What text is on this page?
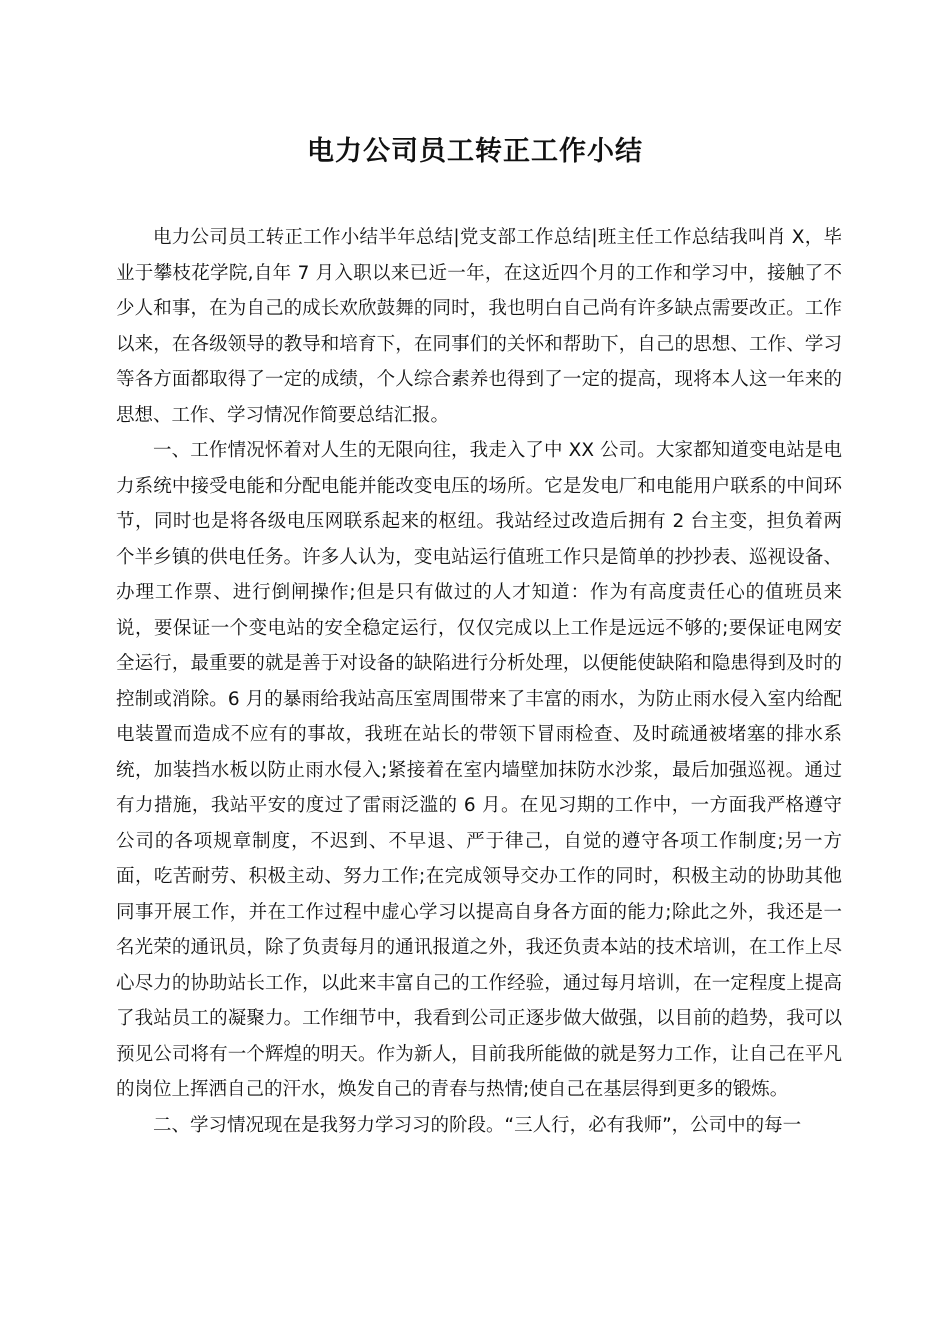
电力公司员工转正工作小结

电力公司员工转正工作小结半年总结|党支部工作总结|班主任工作总结我叫肖 X，毕业于攀枝花学院,自年 7 月入职以来已近一年，在这近四个月的工作和学习中，接触了不少人和事，在为自己的成长欢欣鼓舞的同时，我也明白自己尚有许多缺点需要改正。工作以来，在各级领导的教导和培育下，在同事们的关怀和帮助下，自己的思想、工作、学习等各方面都取得了一定的成绩，个人综合素养也得到了一定的提高，现将本人这一年来的思想、工作、学习情况作简要总结汇报。

一、工作情况怀着对人生的无限向往，我走入了中 XX 公司。大家都知道变电站是电力系统中接受电能和分配电能并能改变电压的场所。它是发电厂和电能用户联系的中间环节，同时也是将各级电压网联系起来的枢纽。我站经过改造后拥有 2 台主变，担负着两个半乡镇的供电任务。许多人认为，变电站运行值班工作只是简单的抄抄表、巡视设备、办理工作票、进行倒闸操作;但是只有做过的人才知道：作为有高度责任心的值班员来说，要保证一个变电站的安全稳定运行，仅仅完成以上工作是远远不够的;要保证电网安全运行，最重要的就是善于对设备的缺陷进行分析处理，以便能使缺陷和隐患得到及时的控制或消除。6 月的暴雨给我站高压室周围带来了丰富的雨水，为防止雨水侵入室内给配电装置而造成不应有的事故，我班在站长的带领下冒雨检查、及时疏通被堵塞的排水系统，加装挡水板以防止雨水侵入;紧接着在室内墙壁加抹防水沙浆，最后加强巡视。通过有力措施，我站平安的度过了雷雨泛滥的 6 月。在见习期的工作中，一方面我严格遵守公司的各项规章制度，不迟到、不早退、严于律己，自觉的遵守各项工作制度;另一方面，吃苦耐劳、积极主动、努力工作;在完成领导交办工作的同时，积极主动的协助其他同事开展工作，并在工作过程中虚心学习以提高自身各方面的能力;除此之外，我还是一名光荣的通讯员，除了负责每月的通讯报道之外，我还负责本站的技术培训，在工作上尽心尽力的协助站长工作，以此来丰富自己的工作经验，通过每月培训，在一定程度上提高了我站员工的凝聚力。工作细节中，我看到公司正逐步做大做强，以目前的趋势，我可以预见公司将有一个辉煌的明天。作为新人，目前我所能做的就是努力工作，让自己在平凡的岗位上挥洒自己的汗水，焕发自己的青春与热情;使自己在基层得到更多的锻炼。

二、学习情况现在是我努力学习习的阶段。“三人行，必有我师”，公司中的每一
